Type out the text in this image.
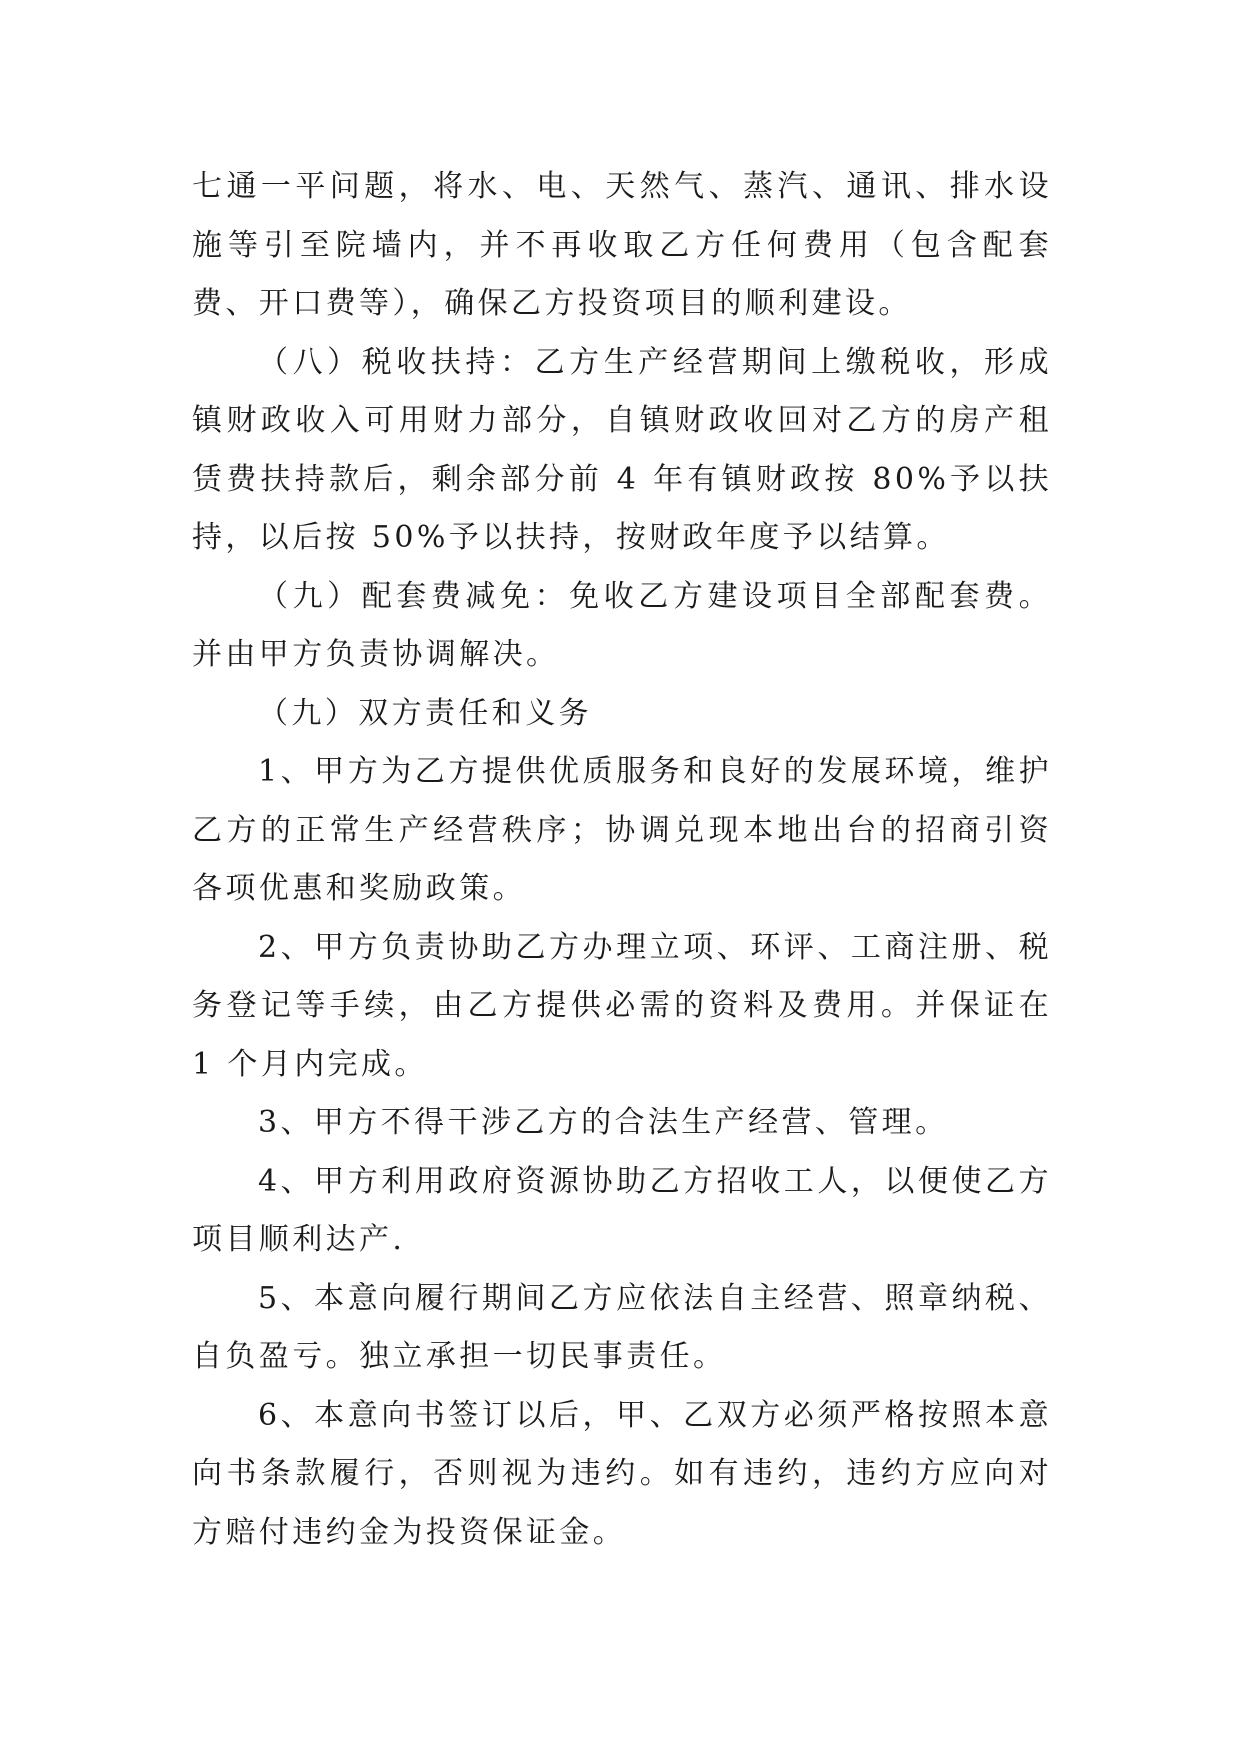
七通一平问题，将水、电、天然气、蒸汽、通讯、排水设施等引至院墙内，并不再收取乙方任何费用（包含配套费、开口费等），确保乙方投资项目的顺利建设。

（八）税收扶持：乙方生产经营期间上缴税收，形成镇财政收入可用财力部分，自镇财政收回对乙方的房产租赁费扶持款后，剩余部分前 4 年有镇财政按 80%予以扶持，以后按 50%予以扶持，按财政年度予以结算。

（九）配套费减免：免收乙方建设项目全部配套费。并由甲方负责协调解决。

（九）双方责任和义务

1、甲方为乙方提供优质服务和良好的发展环境，维护乙方的正常生产经营秩序；协调兑现本地出台的招商引资各项优惠和奖励政策。

2、甲方负责协助乙方办理立项、环评、工商注册、税务登记等手续，由乙方提供必需的资料及费用。并保证在 1 个月内完成。

3、甲方不得干涉乙方的合法生产经营、管理。

4、甲方利用政府资源协助乙方招收工人，以便使乙方项目顺利达产.

5、本意向履行期间乙方应依法自主经营、照章纳税、自负盈亏。独立承担一切民事责任。

6、本意向书签订以后，甲、乙双方必须严格按照本意向书条款履行，否则视为违约。如有违约，违约方应向对方赔付违约金为投资保证金。
